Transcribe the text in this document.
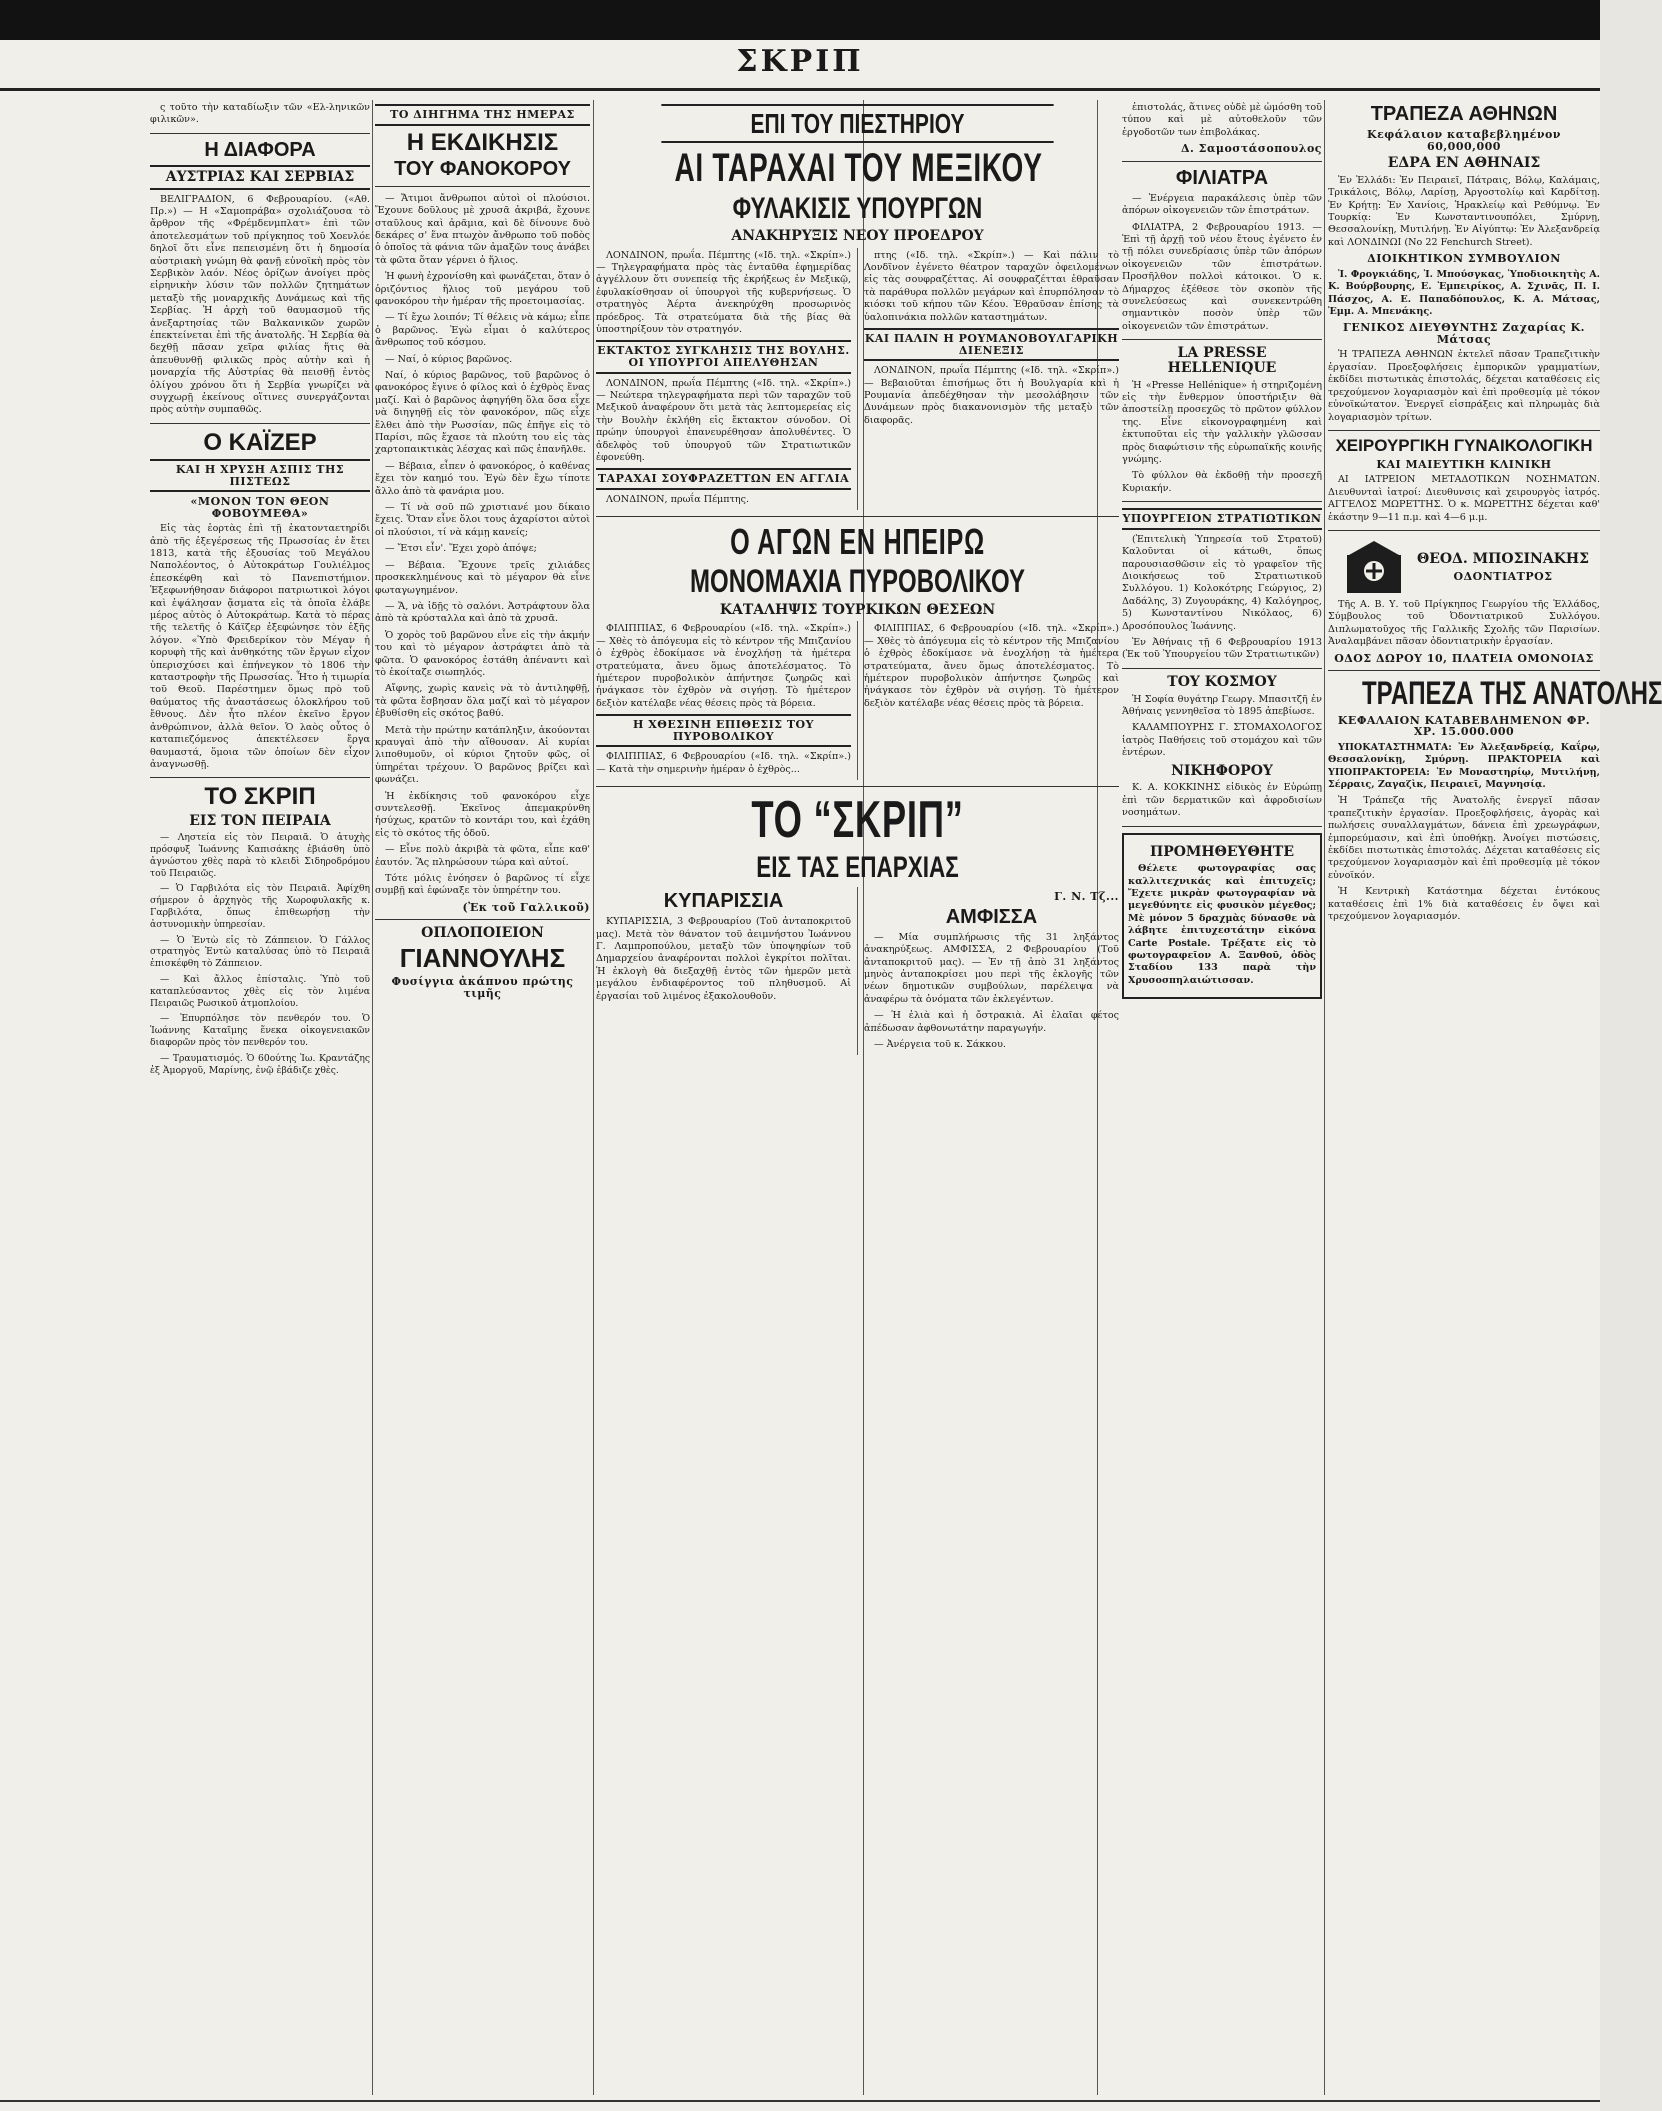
ΣΚΡΙΠ

ς τοῦτο τὴν καταδίωξιν τῶν «Ελ-ληνικῶν φιλικῶν».

Η ΔΙΑΦΟΡΑ
ΑΥΣΤΡΙΑΣ ΚΑΙ ΣΕΡΒΙΑΣ

ΒΕΛΙΓΡΑΔΙΟΝ, 6 Φεβρουαρίου. («Αθ. Πρ.») — Η «Σαμοπράβα» σχολιάζουσα τὸ ἄρθρον τῆς «Φρέμδενμπλατ» ἐπὶ τῶν ἀποτελεσμάτων τοῦ πρίγκηπος τοῦ Χοενλόε δηλοῖ ὅτι εἶνε πεπεισμένη ὅτι ἡ δημοσία αὐστριακὴ γνώμη θὰ φανῇ εὐνοϊκὴ πρὸς τὸν Σερβικὸν λαόν. Νέος ὁρίζων ἀνοίγει πρὸς εἰρηνικὴν λύσιν τῶν πολλῶν ζητημάτων μεταξὺ τῆς μοναρχικῆς Δυνάμεως καὶ τῆς Σερβίας. Ἡ ἀρχὴ τοῦ θαυμασμοῦ τῆς ἀνεξαρτησίας τῶν Βαλκανικῶν χωρῶν ἐπεκτείνεται ἐπὶ τῆς ἀνατολῆς. Ἡ Σερβία θὰ δεχθῇ πᾶσαν χεῖρα φιλίας ἥτις θὰ ἀπευθυνθῇ φιλικῶς πρὸς αὐτὴν καὶ ἡ μοναρχία τῆς Αὐστρίας θὰ πεισθῇ ἐντὸς ὀλίγου χρόνου ὅτι ἡ Σερβία γνωρίζει νὰ συγχωρῇ ἐκείνους οἵτινες συνεργάζονται πρὸς αὐτὴν συμπαθῶς.

Ο ΚΑΪΖΕΡ
ΚΑΙ Η ΧΡΥΣΗ ΑΣΠΙΣ ΤΗΣ ΠΙΣΤΕΩΣ
«ΜΟΝΟΝ ΤΟΝ ΘΕΟΝ ΦΟΒΟΥΜΕΘΑ»

Εἰς τὰς ἑορτὰς ἐπὶ τῇ ἑκατονταετηρίδι ἀπὸ τῆς ἐξεγέρσεως τῆς Πρωσσίας ἐν ἔτει 1813, κατὰ τῆς ἐξουσίας τοῦ Μεγάλου Ναπολέοντος, ὁ Αὐτοκράτωρ Γουλιέλμος ἐπεσκέφθη καὶ τὸ Πανεπιστήμιον. Ἐξεφωνήθησαν διάφοροι πατριωτικοὶ λόγοι καὶ ἐψάλησαν ᾄσματα εἰς τὰ ὁποῖα ἐλάβε μέρος αὐτὸς ὁ Αὐτοκράτωρ. Κατὰ τὸ πέρας τῆς τελετῆς ὁ Κάϊζερ ἐξεφώνησε τὸν ἑξῆς λόγον. «Ὑπὸ Φρειδερίκον τὸν Μέγαν ἡ κορυφὴ τῆς καὶ ἀνθηκότης τῶν ἔργων εἶχον ὑπερισχύσει καὶ ἐπήνεγκον τὸ 1806 τὴν καταστροφὴν τῆς Πρωσσίας. Ἦτο ἡ τιμωρία τοῦ Θεοῦ. Παρέστημεν ὅμως πρὸ τοῦ θαύματος τῆς ἀναστάσεως ὁλοκλήρου τοῦ ἔθνους. Δὲν ἦτο πλέον ἐκεῖνο ἔργον ἀνθρώπινον, ἀλλὰ θεῖον. Ὁ λαὸς οὗτος ὁ καταπιεζόμενος ἀπεκτέλεσεν ἔργα θαυμαστά, ὅμοια τῶν ὁποίων δὲν εἶχον ἀναγνωσθῇ.

ΤΟ ΣΚΡΙΠ
ΕΙΣ ΤΟΝ ΠΕΙΡΑΙΑ

— Ληστεία εἰς τὸν Πειραιᾶ. Ὁ ἀτυχὴς πρόσφυξ Ἰωάννης Καπισάκης ἐβιάσθη ὑπὸ ἀγνώστου χθὲς παρὰ τὸ κλειδὶ Σιδηροδρόμου τοῦ Πειραιῶς.

— Ὁ Γαρβιλότα εἰς τὸν Πειραιᾶ. Ἀφίχθη σήμερον ὁ ἀρχηγὸς τῆς Χωροφυλακῆς κ. Γαρβιλότα, ὅπως ἐπιθεωρήσῃ τὴν ἀστυνομικὴν ὑπηρεσίαν.

— Ὁ Ἐντὼ εἰς τὸ Ζάππειον. Ὁ Γάλλος στρατηγὸς Ἐντὼ καταλύσας ὑπὸ τὸ Πειραιᾶ ἐπισκέφθη τὸ Ζάππειον.

— Καὶ ἄλλος ἐπίσταλις. Ὑπὸ τοῦ καταπλεύσαντος χθὲς εἰς τὸν λιμένα Πειραιῶς Ρωσικοῦ ἀτμοπλοίου.

— Ἐπυρπόλησε τὸν πενθερόν του. Ὁ Ἰωάννης Καταῖμης ἕνεκα οἰκογενειακῶν διαφορῶν πρὸς τὸν πενθερόν του.

— Τραυματισμός. Ὁ 60ούτης Ἰω. Κραντάζης ἐξ Ἀμοργοῦ, Μαρίνης, ἐνῷ ἐβάδιζε χθὲς.

ΤΟ ΔΙΗΓΗΜΑ ΤΗΣ ΗΜΕΡΑΣ
Η ΕΚΔΙΚΗΣΙΣ
ΤΟΥ ΦΑΝΟΚΟΡΟΥ

— Ἄτιμοι ἄνθρωποι αὐτοὶ οἱ πλούσιοι. Ἔχουνε δοῦλους μὲ χρυσᾶ ἀκριβά, ἔχουνε σταῦλους καὶ ἀρᾶμια, καὶ δὲ δίνουνε δυὸ δεκάρες σ' ἕνα πτωχὸν ἄνθρωπο τοῦ ποδὸς ὁ ὁποῖος τὰ φάνια τῶν ἀμαξῶν τους ἀνάβει τὰ φῶτα ὅταν γέρνει ὁ ἥλιος.

Ἡ φωνὴ ἐχρονίσθη καὶ φωνάζεται, ὅταν ὁ ὁριζόντιος ἥλιος τοῦ μεγάρου τοῦ φανοκόρου τὴν ἡμέραν τῆς προετοιμασίας.

— Τί ἔχω λοιπόν; Τί θέλεις νὰ κάμω; εἶπε ὁ βαρῶνος. Ἐγὼ εἶμαι ὁ καλύτερος ἄνθρωπος τοῦ κόσμου.

— Ναί, ὁ κύριος βαρῶνος.

Ναί, ὁ κύριος βαρῶνος, τοῦ βαρῶνος ὁ φανοκόρος ἔγινε ὁ φίλος καὶ ὁ ἐχθρὸς ἕνας μαζί. Καὶ ὁ βαρῶνος ἀφηγήθη ὅλα ὅσα εἶχε νὰ διηγηθῇ εἰς τὸν φανοκόρον, πῶς εἶχε ἔλθει ἀπὸ τὴν Ρωσσίαν, πῶς ἐπῆγε εἰς τὸ Παρίσι, πῶς ἔχασε τὰ πλούτη του εἰς τὰς χαρτοπαικτικὰς λέσχας καὶ πῶς ἐπανῆλθε.

— Βέβαια, εἶπεν ὁ φανοκόρος, ὁ καθένας ἔχει τὸν καημό του. Ἐγὼ δὲν ἔχω τίποτε ἄλλο ἀπὸ τὰ φανάρια μου.

— Τί νὰ σοῦ πῶ χριστιανέ μου δίκαιο ἔχεις. Ὅταν εἶνε ὅλοι τους ἀχαρίστοι αὐτοὶ οἱ πλούσιοι, τί νὰ κάμῃ κανείς;

— Ἔτσι εἶν'. Ἔχει χορὸ ἀπόψε;

— Βέβαια. Ἔχουνε τρεῖς χιλιάδες προσκεκλημένους καὶ τὸ μέγαρον θὰ εἶνε φωταγωγημένον.

— Ἄ, νὰ ἰδῇς τὸ σαλόνι. Ἀστράφτουν ὅλα ἀπὸ τὰ κρύσταλλα καὶ ἀπὸ τὰ χρυσᾶ.

Ὁ χορὸς τοῦ βαρῶνου εἶνε εἰς τὴν ἀκμήν του καὶ τὸ μέγαρον ἀστράφτει ἀπὸ τὰ φῶτα. Ὁ φανοκόρος ἐστάθη ἀπέναντι καὶ τὸ ἐκοίταζε σιωπηλός.

Αἴφνης, χωρὶς κανεὶς νὰ τὸ ἀντιληφθῇ, τὰ φῶτα ἔσβησαν ὅλα μαζί καὶ τὸ μέγαρον ἐβυθίσθη εἰς σκότος βαθύ.

Μετὰ τὴν πρώτην κατάπληξιν, ἀκούονται κραυγαὶ ἀπὸ τὴν αἴθουσαν. Αἱ κυρίαι λιποθυμοῦν, οἱ κύριοι ζητοῦν φῶς, οἱ ὑπηρέται τρέχουν. Ὁ βαρῶνος βρίζει καὶ φωνάζει.

Ἡ ἐκδίκησις τοῦ φανοκόρου εἶχε συντελεσθῇ. Ἐκεῖνος ἀπεμακρύνθη ἡσύχως, κρατῶν τὸ κοντάρι του, καὶ ἐχάθη εἰς τὸ σκότος τῆς ὁδοῦ.

— Εἶνε πολὺ ἀκριβὰ τὰ φῶτα, εἶπε καθ' ἑαυτόν. Ἂς πληρώσουν τώρα καὶ αὐτοί.

Τότε μόλις ἐνόησεν ὁ βαρῶνος τί εἶχε συμβῇ καὶ ἐφώναξε τὸν ὑπηρέτην του.

(Ἐκ τοῦ Γαλλικοῦ)
ΟΠΛΟΠΟΙΕΙΟΝ
ΓΙΑΝΝΟΥΛΗΣ
Φυσίγγια ἀκάπνου πρώτης τιμῆς
ΕΠΙ ΤΟΥ ΠΙΕΣΤΗΡΙΟΥ
ΑΙ ΤΑΡΑΧΑΙ ΤΟΥ ΜΕΞΙΚΟΥ
ΦΥΛΑΚΙΣΙΣ ΥΠΟΥΡΓΩΝ
ΑΝΑΚΗΡΥΞΙΣ ΝΕΟΥ ΠΡΟΕΔΡΟΥ

ΛΟΝΔΙΝΟΝ, πρωΐα. Πέμπτης («Ιδ. τηλ. «Σκρίπ».) — Τηλεγραφήματα πρὸς τὰς ἐνταῦθα ἐφημερίδας ἀγγέλλουν ὅτι συνεπείᾳ τῆς ἐκρήξεως ἐν Μεξικῷ, ἐφυλακίσθησαν οἱ ὑπουργοὶ τῆς κυβερνήσεως. Ὁ στρατηγὸς Ἀέρτα ἀνεκηρύχθη προσωρινὸς πρόεδρος. Τὰ στρατεύματα διὰ τῆς βίας θὰ ὑποστηρίξουν τὸν στρατηγόν.

ΕΚΤΑΚΤΟΣ ΣΥΓΚΛΗΣΙΣ ΤΗΣ ΒΟΥΛΗΣ. ΟΙ ΥΠΟΥΡΓΟΙ ΑΠΕΛΥΘΗΣΑΝ

ΛΟΝΔΙΝΟΝ, πρωΐα Πέμπτης («Ιδ. τηλ. «Σκρίπ».) — Νεώτερα τηλεγραφήματα περὶ τῶν ταραχῶν τοῦ Μεξικοῦ ἀναφέρουν ὅτι μετὰ τὰς λεπτομερείας εἰς τὴν Βουλὴν ἐκλήθη εἰς ἔκτακτον σύνοδον. Οἱ πρώην ὑπουργοὶ ἐπανευρέθησαν ἀπολυθέντες. Ὁ ἀδελφὸς τοῦ ὑπουργοῦ τῶν Στρατιωτικῶν ἐφονεύθη.

ΤΑΡΑΧΑΙ ΣΟΥΦΡΑΖΕΤΤΩΝ ΕΝ ΑΓΓΛΙΑ

ΛΟΝΔΙΝΟΝ, πρωΐα Πέμπτης.

πτης («Ιδ. τηλ. «Σκρίπ».) — Καὶ πάλιν τὸ Λονδῖνον ἐγένετο θέατρον ταραχῶν ὀφειλομένων εἰς τὰς σουφραζέττας. Αἱ σουφραζέτται ἐθραῦσαν τὰ παράθυρα πολλῶν μεγάρων καὶ ἐπυρπόλησαν τὸ κιόσκι τοῦ κήπου τῶν Κέου. Ἐθραῦσαν ἐπίσης τὰ ὑαλοπινάκια πολλῶν καταστημάτων.

ΚΑΙ ΠΑΛΙΝ Η ΡΟΥΜΑΝΟΒΟΥΛΓΑΡΙΚΗ ΔΙΕΝΕΞΙΣ

ΛΟΝΔΙΝΟΝ, πρωΐα Πέμπτης («Ιδ. τηλ. «Σκρίπ».) — Βεβαιοῦται ἐπισήμως ὅτι ἡ Βουλγαρία καὶ ἡ Ρουμανία ἀπεδέχθησαν τὴν μεσολάβησιν τῶν Δυνάμεων πρὸς διακανονισμὸν τῆς μεταξὺ τῶν διαφορᾶς.

Ο ΑΓΩΝ ΕΝ ΗΠΕΙΡΩ
ΜΟΝΟΜΑΧΙΑ ΠΥΡΟΒΟΛΙΚΟΥ
ΚΑΤΑΛΗΨΙΣ ΤΟΥΡΚΙΚΩΝ ΘΕΣΕΩΝ

ΦΙΛΙΠΠΙΑΣ, 6 Φεβρουαρίου («Ιδ. τηλ. «Σκρίπ».) — Χθὲς τὸ ἀπόγευμα εἰς τὸ κέντρον τῆς Μπιζανίου ὁ ἐχθρὸς ἐδοκίμασε νὰ ἐνοχλήσῃ τὰ ἡμέτερα στρατεύματα, ἄνευ ὅμως ἀποτελέσματος. Τὸ ἡμέτερον πυροβολικὸν ἀπήντησε ζωηρῶς καὶ ἠνάγκασε τὸν ἐχθρὸν νὰ σιγήσῃ. Τὸ ἡμέτερον δεξιὸν κατέλαβε νέας θέσεις πρὸς τὰ βόρεια.

Η ΧΘΕΣΙΝΗ ΕΠΙΘΕΣΙΣ ΤΟΥ ΠΥΡΟΒΟΛΙΚΟΥ

ΦΙΛΙΠΠΙΑΣ, 6 Φεβρουαρίου («Ιδ. τηλ. «Σκρίπ».) — Κατὰ τὴν σημερινὴν ἡμέραν ὁ ἐχθρὸς...

ΦΙΛΙΠΠΙΑΣ, 6 Φεβρουαρίου («Ιδ. τηλ. «Σκρίπ».) — Χθὲς τὸ ἀπόγευμα εἰς τὸ κέντρον τῆς Μπιζανίου ὁ ἐχθρὸς ἐδοκίμασε νὰ ἐνοχλήσῃ τὰ ἡμέτερα στρατεύματα, ἄνευ ὅμως ἀποτελέσματος. Τὸ ἡμέτερον πυροβολικὸν ἀπήντησε ζωηρῶς καὶ ἠνάγκασε τὸν ἐχθρὸν νὰ σιγήσῃ. Τὸ ἡμέτερον δεξιὸν κατέλαβε νέας θέσεις πρὸς τὰ βόρεια.

ΤΟ “ΣΚΡΙΠ”
ΕΙΣ ΤΑΣ ΕΠΑΡΧΙΑΣ
ΚΥΠΑΡΙΣΣΙΑ

ΚΥΠΑΡΙΣΣΙΑ, 3 Φεβρουαρίου (Τοῦ ἀνταποκριτοῦ μας). Μετὰ τὸν θάνατον τοῦ ἀειμνήστου Ἰωάννου Γ. Λαμπροπούλου, μεταξὺ τῶν ὑποψηφίων τοῦ Δημαρχείου ἀναφέρονται πολλοὶ ἐγκρίτοι πολῖται. Ἡ ἐκλογὴ θὰ διεξαχθῇ ἐντὸς τῶν ἡμερῶν μετὰ μεγάλου ἐνδιαφέροντος τοῦ πληθυσμοῦ. Αἱ ἐργασίαι τοῦ λιμένος ἐξακολουθοῦν.

Γ. Ν. Τζ...
ΑΜΦΙΣΣΑ

— Μία συμπλήρωσις τῆς 31 ληξάντος ἀνακηρύξεως. ΑΜΦΙΣΣΑ, 2 Φεβρουαρίου (Τοῦ ἀνταποκριτοῦ μας). — Ἐν τῇ ἀπὸ 31 ληξάντος μηνὸς ἀνταποκρίσει μου περὶ τῆς ἐκλογῆς τῶν νέων δημοτικῶν συμβούλων, παρέλειψα νὰ ἀναφέρω τὰ ὀνόματα τῶν ἐκλεγέντων.

— Ἡ ἐλιὰ καὶ ἡ ὄστρακιὰ. Αἱ ἐλαῖαι φέτος ἀπέδωσαν ἀφθονωτάτην παραγωγήν.

— Ἀνέργεια τοῦ κ. Σάκκου.

ἐπιστολάς, ἅτινες οὐδὲ μὲ ὠμόσθη τοῦ τύπου καὶ μὲ αὐτοθελοῦν τῶν ἐργοδοτῶν των ἐπιβολάκας.

Δ. Σαμοστάσοπουλος
ΦΙΛΙΑΤΡΑ

— Ἐνέργεια παρακάλεσις ὑπὲρ τῶν ἀπόρων οἰκογενειῶν τῶν ἐπιστράτων.

ΦΙΛΙΑΤΡΑ, 2 Φεβρουαρίου 1913. — Ἐπὶ τῇ ἀρχῇ τοῦ νέου ἔτους ἐγένετο ἐν τῇ πόλει συνεδρίασις ὑπὲρ τῶν ἀπόρων οἰκογενειῶν τῶν ἐπιστράτων. Προσῆλθον πολλοὶ κάτοικοι. Ὁ κ. Δήμαρχος ἐξέθεσε τὸν σκοπὸν τῆς συνελεύσεως καὶ συνεκεντρώθη σημαντικὸν ποσὸν ὑπὲρ τῶν οἰκογενειῶν τῶν ἐπιστράτων.

LA PRESSE HELLENIQUE

Ἡ «Presse Hellénique» ἡ στηριζομένη εἰς τὴν ἔνθερμον ὑποστήριξιν θὰ ἀποστείλῃ προσεχῶς τὸ πρῶτον φύλλον της. Εἶνε εἰκονογραφημένη καὶ ἐκτυποῦται εἰς τὴν γαλλικὴν γλῶσσαν πρὸς διαφώτισιν τῆς εὐρωπαϊκῆς κοινῆς γνώμης.

Τὸ φύλλον θὰ ἐκδοθῇ τὴν προσεχῆ Κυριακήν.

ΥΠΟΥΡΓΕΙΟΝ ΣΤΡΑΤΙΩΤΙΚΩΝ

(Ἐπιτελικὴ Ὑπηρεσία τοῦ Στρατοῦ) Καλοῦνται οἱ κάτωθι, ὅπως παρουσιασθῶσιν εἰς τὸ γραφεῖον τῆς Διοικήσεως τοῦ Στρατιωτικοῦ Συλλόγου. 1) Κολοκότρης Γεώργιος, 2) Δαδάλης, 3) Ζυγουράκης, 4) Καλόγηρος, 5) Κωνσταντίνου Νικόλαος, 6) Δροσόπουλος Ἰωάννης.

Ἐν Ἀθήναις τῇ 6 Φεβρουαρίου 1913 (Ἐκ τοῦ Ὑπουργείου τῶν Στρατιωτικῶν)

ΤΟΥ ΚΟΣΜΟΥ

Ἡ Σοφία θυγάτηρ Γεωργ. Μπασιτζῆ ἐν Ἀθήναις γεννηθεῖσα τὸ 1895 ἀπεβίωσε.

ΚΑΛΑΜΠΟΥΡΗΣ Γ. ΣΤΟΜΑΧΟΛΟΓΟΣ ἰατρὸς Παθήσεις τοῦ στομάχου καὶ τῶν ἐντέρων.

ΝΙΚΗΦΟΡΟΥ

Κ. Α. ΚΟΚΚΙΝΗΣ εἰδικὸς ἐν Εὐρώπῃ ἐπὶ τῶν δερματικῶν καὶ ἀφροδισίων νοσημάτων.

ΠΡΟΜΗΘΕΥΘΗΤΕ

Θέλετε φωτογραφίας σας καλλιτεχνικάς καὶ ἐπιτυχεῖς; Ἔχετε μικρὰν φωτογραφίαν νὰ μεγεθύνητε εἰς φυσικὸν μέγεθος; Μὲ μόνον 5 δραχμὰς δύνασθε νὰ λάβητε ἐπιτυχεστάτην εἰκόνα Carte Postale. Τρέξατε εἰς τὸ φωτογραφεῖον Α. Ξανθοῦ, ὁδὸς Σταδίου 133 παρὰ τὴν Χρυσοσπηλαιώτισσαν.

ΤΡΑΠΕΖΑ ΑΘΗΝΩΝ
Κεφάλαιον καταβεβλημένον 60,000,000
ΕΔΡΑ ΕΝ ΑΘΗΝΑΙΣ

Ἐν Ἑλλάδι: Ἐν Πειραιεῖ, Πάτραις, Βόλῳ, Καλάμαις, Τρικάλοις, Βόλῳ, Λαρίσῃ, Ἀργοστολίῳ καὶ Καρδίτσῃ. Ἐν Κρήτῃ: Ἐν Χανίοις, Ἡρακλείῳ καὶ Ρεθύμνῳ. Ἐν Τουρκίᾳ: Ἐν Κωνσταντινουπόλει, Σμύρνῃ, Θεσσαλονίκῃ, Μυτιλήνῃ. Ἐν Αἰγύπτῳ: Ἐν Ἀλεξανδρείᾳ καὶ ΛΟΝΔΙΝΩΙ (Νο 22 Fenchurch Street).

ΔΙΟΙΚΗΤΙΚΟΝ ΣΥΜΒΟΥΛΙΟΝ

Ἰ. Φρογκιάδης, Ἰ. Μπούσγκας, Ὑποδιοικητὴς Α. Κ. Βούρβουρης, Ε. Ἐμπειρίκος, Α. Σχινᾶς, Π. Ι. Πάσχος, Α. Ε. Παπαδόπουλος, Κ. Α. Μάτσας, Ἐμμ. Α. Μπενάκης.

ΓΕΝΙΚΟΣ ΔΙΕΥΘΥΝΤΗΣ Ζαχαρίας Κ. Μάτσας

Ἡ ΤΡΑΠΕΖΑ ΑΘΗΝΩΝ ἐκτελεῖ πᾶσαν Τραπεζιτικὴν ἐργασίαν. Προεξοφλήσεις ἐμπορικῶν γραμματίων, ἐκδίδει πιστωτικὰς ἐπιστολάς, δέχεται καταθέσεις εἰς τρεχούμενον λογαριασμὸν καὶ ἐπὶ προθεσμίᾳ μὲ τόκον εὐνοϊκώτατον. Ἐνεργεῖ εἰσπράξεις καὶ πληρωμὰς διὰ λογαριασμὸν τρίτων.

ΧΕΙΡΟΥΡΓΙΚΗ ΓΥΝΑΙΚΟΛΟΓΙΚΗ
ΚΑΙ ΜΑΙΕΥΤΙΚΗ ΚΛΙΝΙΚΗ

ΑΙ ΙΑΤΡΕΙΟΝ ΜΕΤΑΔΟΤΙΚΩΝ ΝΟΣΗΜΑΤΩΝ. Διευθυνταὶ ἰατροί: Διευθυνσις καὶ χειρουργὸς ἰατρός. ΑΓΓΕΛΟΣ ΜΩΡΕΤΤΗΣ. Ὁ κ. ΜΩΡΕΤΤΗΣ δέχεται καθ' ἑκάστην 9—11 π.μ. καὶ 4—6 μ.μ.

ΘΕΟΔ. ΜΠΟΣΙΝΑΚΗΣ
ΟΔΟΝΤΙΑΤΡΟΣ

Τῆς Α. Β. Υ. τοῦ Πρίγκηπος Γεωργίου τῆς Ἑλλάδος, Σύμβουλος τοῦ Ὀδοντιατρικοῦ Συλλόγου. Διπλωματοῦχος τῆς Γαλλικῆς Σχολῆς τῶν Παρισίων. Ἀναλαμβάνει πᾶσαν ὀδοντιατρικὴν ἐργασίαν.

ΟΔΟΣ ΔΩΡΟΥ 10, ΠΛΑΤΕΙΑ ΟΜΟΝΟΙΑΣ
ΤΡΑΠΕΖΑ ΤΗΣ ΑΝΑΤΟΛΗΣ
ΚΕΦΑΛΑΙΟΝ ΚΑΤΑΒΕΒΛΗΜΕΝΟΝ ΦΡ. ΧΡ. 15.000.000

ΥΠΟΚΑΤΑΣΤΗΜΑΤΑ: Ἐν Ἀλεξανδρείᾳ, Καΐρῳ, Θεσσαλονίκῃ, Σμύρνῃ. ΠΡΑΚΤΟΡΕΙΑ καὶ ΥΠΟΠΡΑΚΤΟΡΕΙΑ: Ἐν Μοναστηρίῳ, Μυτιλήνῃ, Σέρραις, Ζαγαζὶκ, Πειραιεῖ, Μαγνησίᾳ.

Ἡ Τράπεζα τῆς Ἀνατολῆς ἐνεργεῖ πᾶσαν τραπεζιτικὴν ἐργασίαν. Προεξοφλήσεις, ἀγορὰς καὶ πωλήσεις συναλλαγμάτων, δάνεια ἐπὶ χρεωγράφων, ἐμπορεύμασιν, καὶ ἐπὶ ὑποθήκῃ. Ἀνοίγει πιστώσεις, ἐκδίδει πιστωτικὰς ἐπιστολάς. Δέχεται καταθέσεις εἰς τρεχούμενον λογαριασμὸν καὶ ἐπὶ προθεσμίᾳ μὲ τόκον εὐνοϊκόν.

Ἡ Κεντρικὴ Κατάστημα δέχεται ἐντόκους καταθέσεις ἐπὶ 1% διὰ καταθέσεις ἐν ὄψει καὶ τρεχούμενον λογαριασμόν.
